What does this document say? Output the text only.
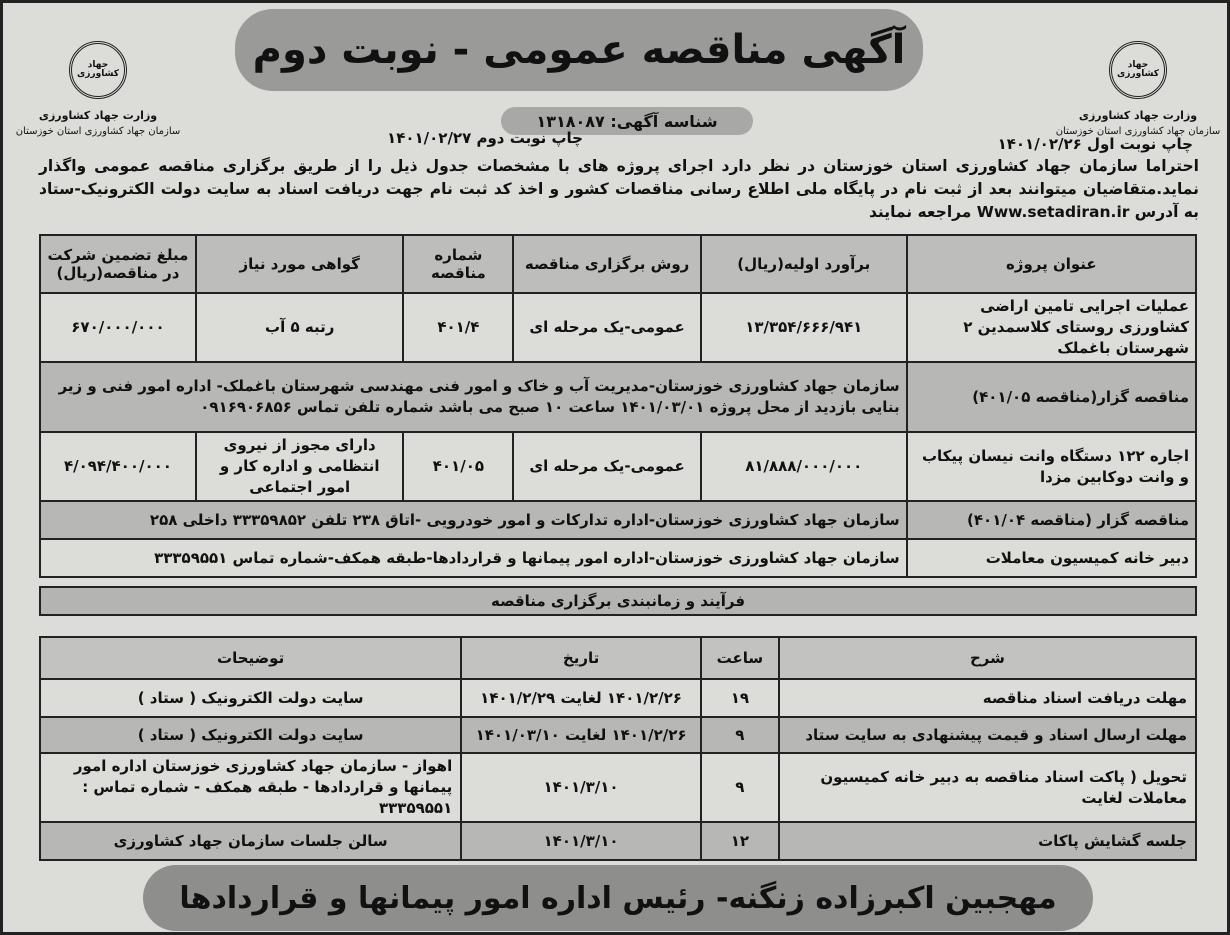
آگهی مناقصه عمومی - نوبت دوم
جهاد کشاورزی
وزارت جهاد کشاورزی
سازمان جهاد کشاورزی استان خوزستان
جهاد کشاورزی
وزارت جهاد کشاورزی
سازمان جهاد کشاورزی استان خوزستان
شناسه آگهی: ۱۳۱۸۰۸۷
چاپ نوبت اول ۱۴۰۱/۰۲/۲۶
چاپ نوبت دوم ۱۴۰۱/۰۲/۲۷
احتراما سازمان جهاد کشاورزی استان خوزستان در نظر دارد اجرای پروژه های با مشخصات جدول ذیل را از طریق برگزاری مناقصه عمومی واگذار نماید.متقاضیان میتوانند بعد از ثبت نام در پایگاه ملی اطلاع رسانی مناقصات کشور و اخذ کد ثبت نام جهت دریافت اسناد به سایت دولت الکترونیک-ستاد به آدرس Www.setadiran.ir مراجعه نمایند
عنوان پروژه	برآورد اولیه(ریال)	روش برگزاری مناقصه	شماره مناقصه	گواهی مورد نیاز	مبلغ تضمین شرکت در مناقصه(ریال)
عملیات اجرایی تامین اراضی کشاورزی روستای کلاسمدین ۲ شهرستان باغملک	۱۳/۳۵۴/۶۶۶/۹۴۱	عمومی-یک مرحله ای	۴۰۱/۴	رتبه ۵ آب	۶۷۰/۰۰۰/۰۰۰
مناقصه گزار(مناقصه ۴۰۱/۰۵)	سازمان جهاد کشاورزی خوزستان-مدیریت آب و خاک و امور فنی مهندسی شهرستان باغملک- اداره امور فنی و زیر بنایی بازدید از محل پروژه ۱۴۰۱/۰۳/۰۱ ساعت ۱۰ صبح می باشد شماره تلفن تماس ۰۹۱۶۹۰۶۸۵۶				
اجاره ۱۲۲ دستگاه وانت نیسان پیکاب و وانت دوکابین مزدا	۸۱/۸۸۸/۰۰۰/۰۰۰	عمومی-یک مرحله ای	۴۰۱/۰۵	دارای مجوز از نیروی انتظامی و اداره کار و امور اجتماعی	۴/۰۹۴/۴۰۰/۰۰۰
مناقصه گزار (مناقصه ۴۰۱/۰۴)	سازمان جهاد کشاورزی خوزستان-اداره تدارکات و امور خودرویی -اتاق ۲۳۸ تلفن ۳۳۳۵۹۸۵۲ داخلی ۲۵۸				
دبیر خانه کمیسیون معاملات	سازمان جهاد کشاورزی خوزستان-اداره امور پیمانها و قراردادها-طبقه همکف-شماره تماس ۳۳۳۵۹۵۵۱				
فرآیند و زمانبندی برگزاری مناقصه
شرح	ساعت	تاریخ	توضیحات
مهلت دریافت اسناد مناقصه	۱۹	۱۴۰۱/۲/۲۶ لغایت ۱۴۰۱/۲/۲۹	سایت دولت الکترونیک ( ستاد )
مهلت ارسال اسناد و قیمت پیشنهادی به سایت ستاد	۹	۱۴۰۱/۲/۲۶ لغایت ۱۴۰۱/۰۳/۱۰	سایت دولت الکترونیک ( ستاد )
تحویل ( پاکت اسناد مناقصه به دبیر خانه کمیسیون معاملات لغایت	۹	۱۴۰۱/۳/۱۰	اهواز - سازمان جهاد کشاورزی خوزستان اداره امور پیمانها و قراردادها - طبقه همکف - شماره تماس : ۳۳۳۵۹۵۵۱
جلسه گشایش پاکات	۱۲	۱۴۰۱/۳/۱۰	سالن جلسات سازمان جهاد کشاورزی
مهجبین اکبرزاده زنگنه- رئیس اداره امور پیمانها و قراردادها
